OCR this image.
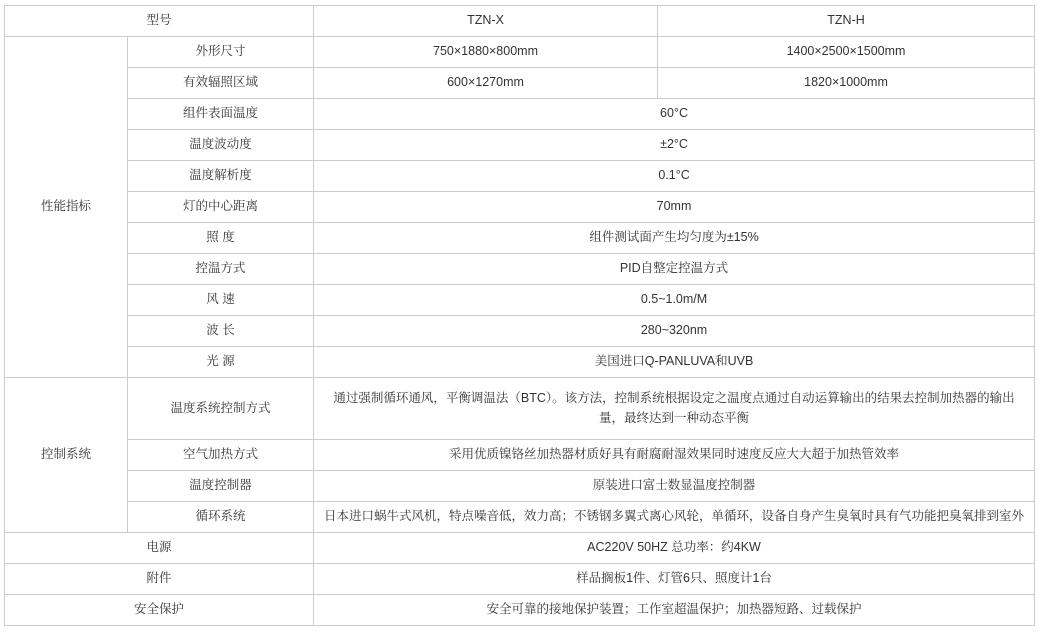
型号		TZN-X	TZN-H
性能指标	外形尺寸	750×1880×800mm	1400×2500×1500mm
	有效辐照区域	600×1270mm	1820×1000mm
	组件表面温度	60°C	
	温度波动度	±2°C	
	温度解析度	0.1°C	
	灯的中心距离	70mm	
	照 度	组件测试面产生均匀度为±15%	
	控温方式	PID自整定控温方式	
	风 速	0.5~1.0m/M	
	波 长	280~320nm	
	光 源	美国进口Q-PANLUVA和UVB	
控制系统	温度系统控制方式	通过强制循环通风，平衡调温法（BTC）。该方法，控制系统根据设定之温度点通过自动运算输出的结果去控制加热器的输出量，最终达到一种动态平衡	
	空气加热方式	采用优质镍铬丝加热器材质好具有耐腐耐湿效果同时速度反应大大超于加热管效率	
	温度控制器	原装进口富士数显温度控制器	
	循环系统	日本进口蜗牛式风机，特点噪音低，效力高；不锈钢多翼式离心风轮，单循环，设备自身产生臭氧时具有气功能把臭氧排到室外	
电源		AC220V 50HZ 总功率：约4KW	
附件		样品搁板1件、灯管6只、照度计1台	
安全保护		安全可靠的接地保护装置；工作室超温保护；加热器短路、过载保护	
